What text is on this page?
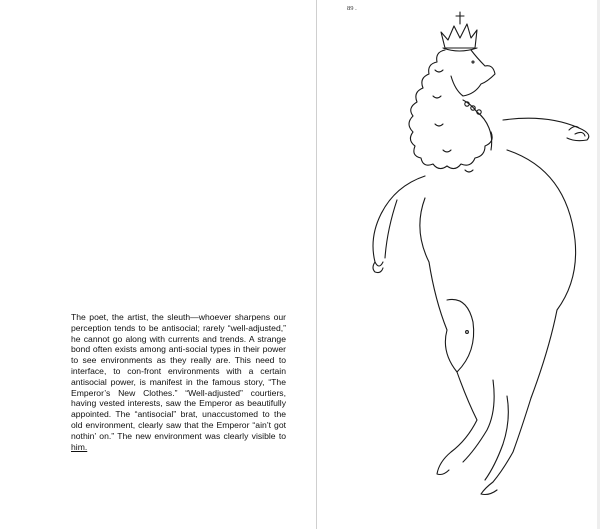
The poet, the artist, the sleuth—whoever sharpens our perception tends to be antisocial; rarely “well-adjusted,” he cannot go along with currents and trends. A strange bond often exists among anti-social types in their power to see environments as they really are. This need to interface, to con-front environments with a certain antisocial power, is manifest in the famous story, “The Emperor’s New Clothes.” “Well-adjusted” courtiers, having vested interests, saw the Emperor as beautifully appointed. The “antisocial” brat, unaccustomed to the old environment, clearly saw that the Emperor “ain’t got nothin’ on.” The new environment was clearly visible to him.

89 .
